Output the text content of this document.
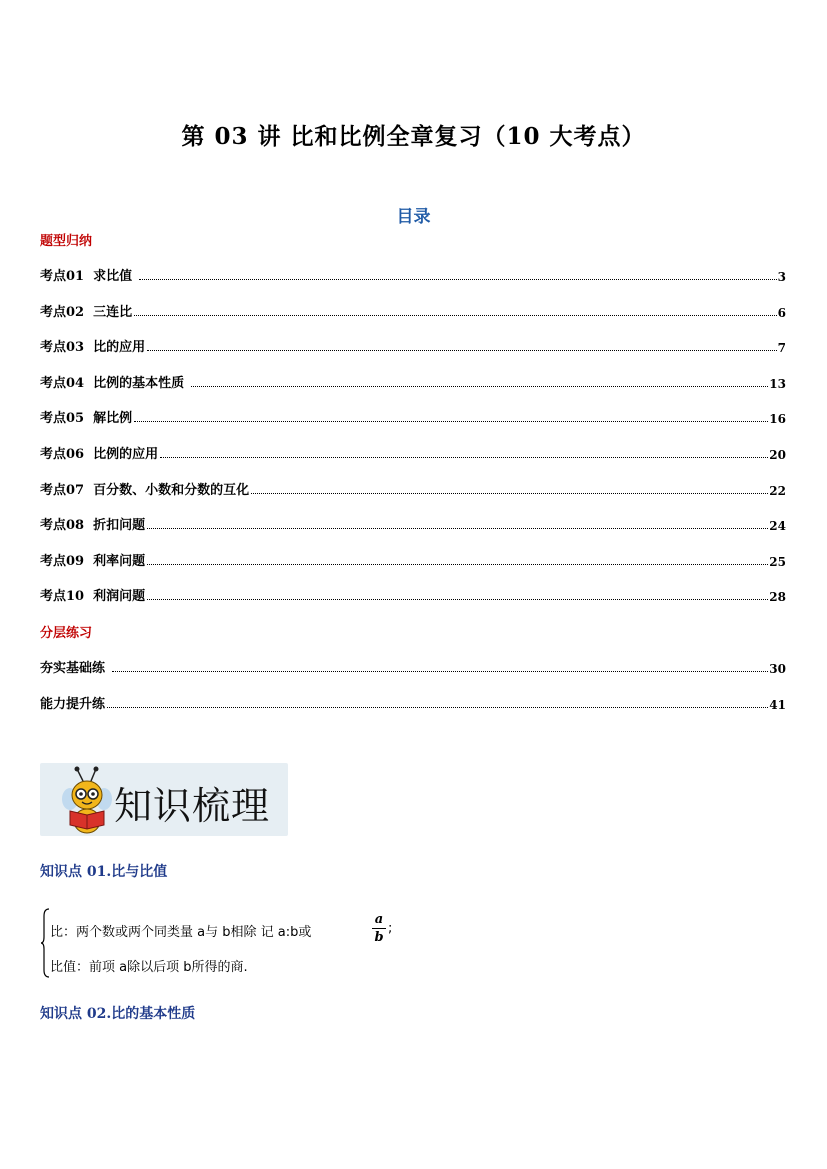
第 03 讲 比和比例全章复习（10 大考点）
目录
题型归纳
考点01  求比值	3
考点02  三连比	6
考点03  比的应用	7
考点04  比例的基本性质	13
考点05  解比例	16
考点06  比例的应用	20
考点07  百分数、小数和分数的互化	22
考点08  折扣问题	24
考点09  利率问题	25
考点10  利润问题	28
分层练习
夯实基础练	30
能力提升练	41
知识梳理
知识点 01.比与比值
比：两个数或两个同类量 a与 b相除 记 a:b或
a
b
;
比值：前项 a除以后项 b所得的商.
知识点 02.比的基本性质
